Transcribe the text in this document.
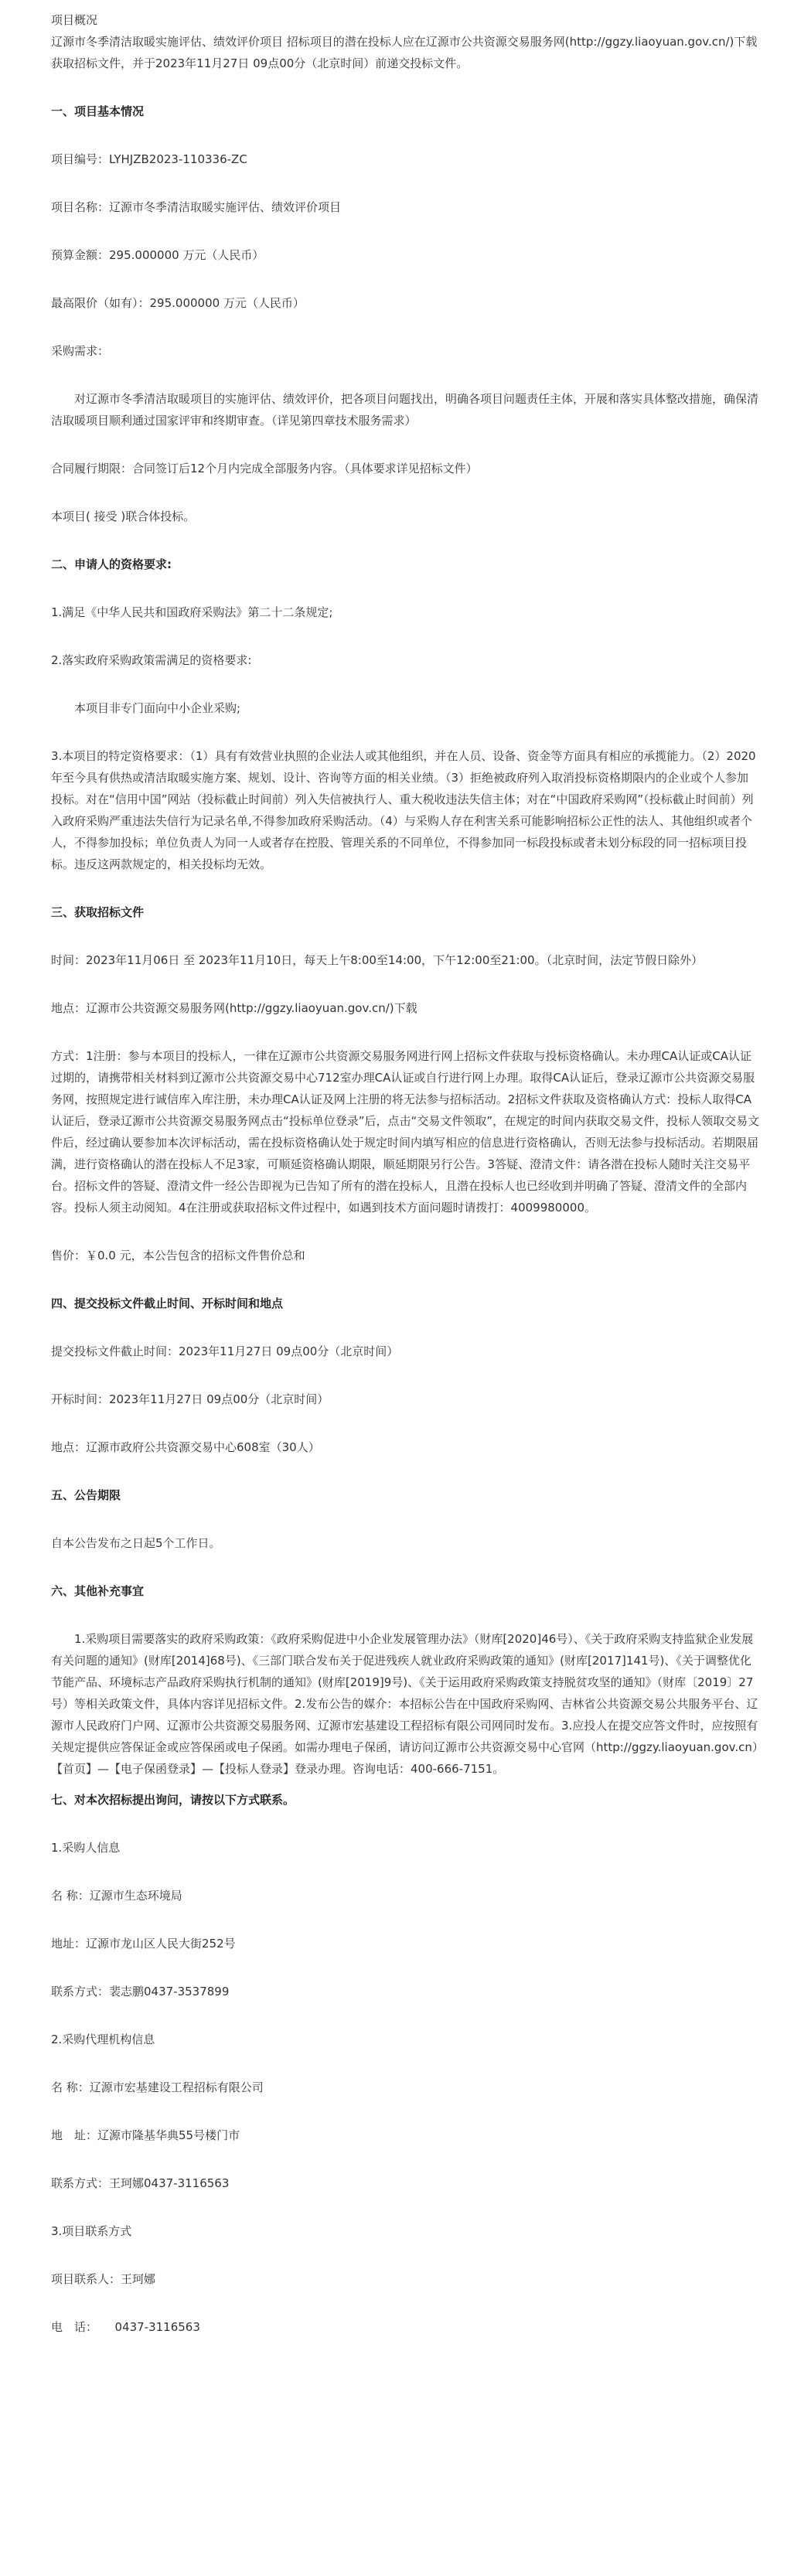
项目概况

辽源市冬季清洁取暖实施评估、绩效评价项目 招标项目的潜在投标人应在辽源市公共资源交易服务网(http://ggzy.liaoyuan.gov.cn/)下载获取招标文件，并于2023年11月27日 09点00分（北京时间）前递交投标文件。

一、项目基本情况

项目编号：LYHJZB2023-110336-ZC

项目名称：辽源市冬季清洁取暖实施评估、绩效评价项目

预算金额：295.000000 万元（人民币）

最高限价（如有）：295.000000 万元（人民币）

采购需求：

对辽源市冬季清洁取暖项目的实施评估、绩效评价，把各项目问题找出，明确各项目问题责任主体，开展和落实具体整改措施，确保清洁取暖项目顺利通过国家评审和终期审查。（详见第四章技术服务需求）

合同履行期限：合同签订后12个月内完成全部服务内容。（具体要求详见招标文件）

本项目( 接受 )联合体投标。

二、申请人的资格要求:

1.满足《中华人民共和国政府采购法》第二十二条规定;

2.落实政府采购政策需满足的资格要求:

本项目非专门面向中小企业采购;

3.本项目的特定资格要求：（1）具有有效营业执照的企业法人或其他组织，并在人员、设备、资金等方面具有相应的承揽能力。（2）2020年至今具有供热或清洁取暖实施方案、规划、设计、咨询等方面的相关业绩。（3）拒绝被政府列入取消投标资格期限内的企业或个人参加投标。对在“信用中国”网站（投标截止时间前）列入失信被执行人、重大税收违法失信主体；对在“中国政府采购网”（投标截止时间前）列入政府采购严重违法失信行为记录名单,不得参加政府采购活动。（4）与采购人存在利害关系可能影响招标公正性的法人、其他组织或者个人，不得参加投标；单位负责人为同一人或者存在控股、管理关系的不同单位，不得参加同一标段投标或者未划分标段的同一招标项目投标。违反这两款规定的，相关投标均无效。

三、获取招标文件

时间：2023年11月06日 至 2023年11月10日，每天上午8:00至14:00，下午12:00至21:00。（北京时间，法定节假日除外）

地点：辽源市公共资源交易服务网(http://ggzy.liaoyuan.gov.cn/)下载

方式：1注册：参与本项目的投标人，一律在辽源市公共资源交易服务网进行网上招标文件获取与投标资格确认。未办理CA认证或CA认证过期的，请携带相关材料到辽源市公共资源交易中心712室办理CA认证或自行进行网上办理。取得CA认证后，登录辽源市公共资源交易服务网，按照规定进行诚信库入库注册，未办理CA认证及网上注册的将无法参与招标活动。2招标文件获取及资格确认方式：投标人取得CA认证后，登录辽源市公共资源交易服务网点击“投标单位登录”后，点击“交易文件领取”，在规定的时间内获取交易文件，投标人领取交易文件后，经过确认要参加本次评标活动，需在投标资格确认处于规定时间内填写相应的信息进行资格确认，否则无法参与投标活动。若期限届满，进行资格确认的潜在投标人不足3家，可顺延资格确认期限，顺延期限另行公告。3答疑、澄清文件：请各潜在投标人随时关注交易平台。招标文件的答疑、澄清文件一经公告即视为已告知了所有的潜在投标人，且潜在投标人也已经收到并明确了答疑、澄清文件的全部内容。投标人须主动阅知。4在注册或获取招标文件过程中，如遇到技术方面问题时请拨打：4009980000。

售价：￥0.0 元，本公告包含的招标文件售价总和

四、提交投标文件截止时间、开标时间和地点

提交投标文件截止时间：2023年11月27日 09点00分（北京时间）

开标时间：2023年11月27日 09点00分（北京时间）

地点：辽源市政府公共资源交易中心608室（30人）

五、公告期限

自本公告发布之日起5个工作日。

六、其他补充事宜

1.采购项目需要落实的政府采购政策：《政府采购促进中小企业发展管理办法》（财库[2020]46号）、《关于政府采购支持监狱企业发展有关问题的通知》(财库[2014]68号)、《三部门联合发布关于促进残疾人就业政府采购政策的通知》(财库[2017]141号)、《关于调整优化节能产品、环境标志产品政府采购执行机制的通知》(财库[2019]9号)、《关于运用政府采购政策支持脱贫攻坚的通知》（财库〔2019〕27号）等相关政策文件，具体内容详见招标文件。2.发布公告的媒介：本招标公告在中国政府采购网、吉林省公共资源交易公共服务平台、辽源市人民政府门户网、辽源市公共资源交易服务网、辽源市宏基建设工程招标有限公司网同时发布。3.应投人在提交应答文件时，应按照有关规定提供应答保证金或应答保函或电子保函。如需办理电子保函，请访问辽源市公共资源交易中心官网（http://ggzy.liaoyuan.gov.cn）【首页】—【电子保函登录】—【投标人登录】登录办理。咨询电话：400-666-7151。

七、对本次招标提出询问，请按以下方式联系。

1.采购人信息

名 称：辽源市生态环境局

地址：辽源市龙山区人民大街252号

联系方式：裴志鹏0437-3537899

2.采购代理机构信息

名 称：辽源市宏基建设工程招标有限公司

地　址：辽源市隆基华典55号楼门市

联系方式：王珂娜0437-3116563

3.项目联系方式

项目联系人：王珂娜

电　话：　　0437-3116563
